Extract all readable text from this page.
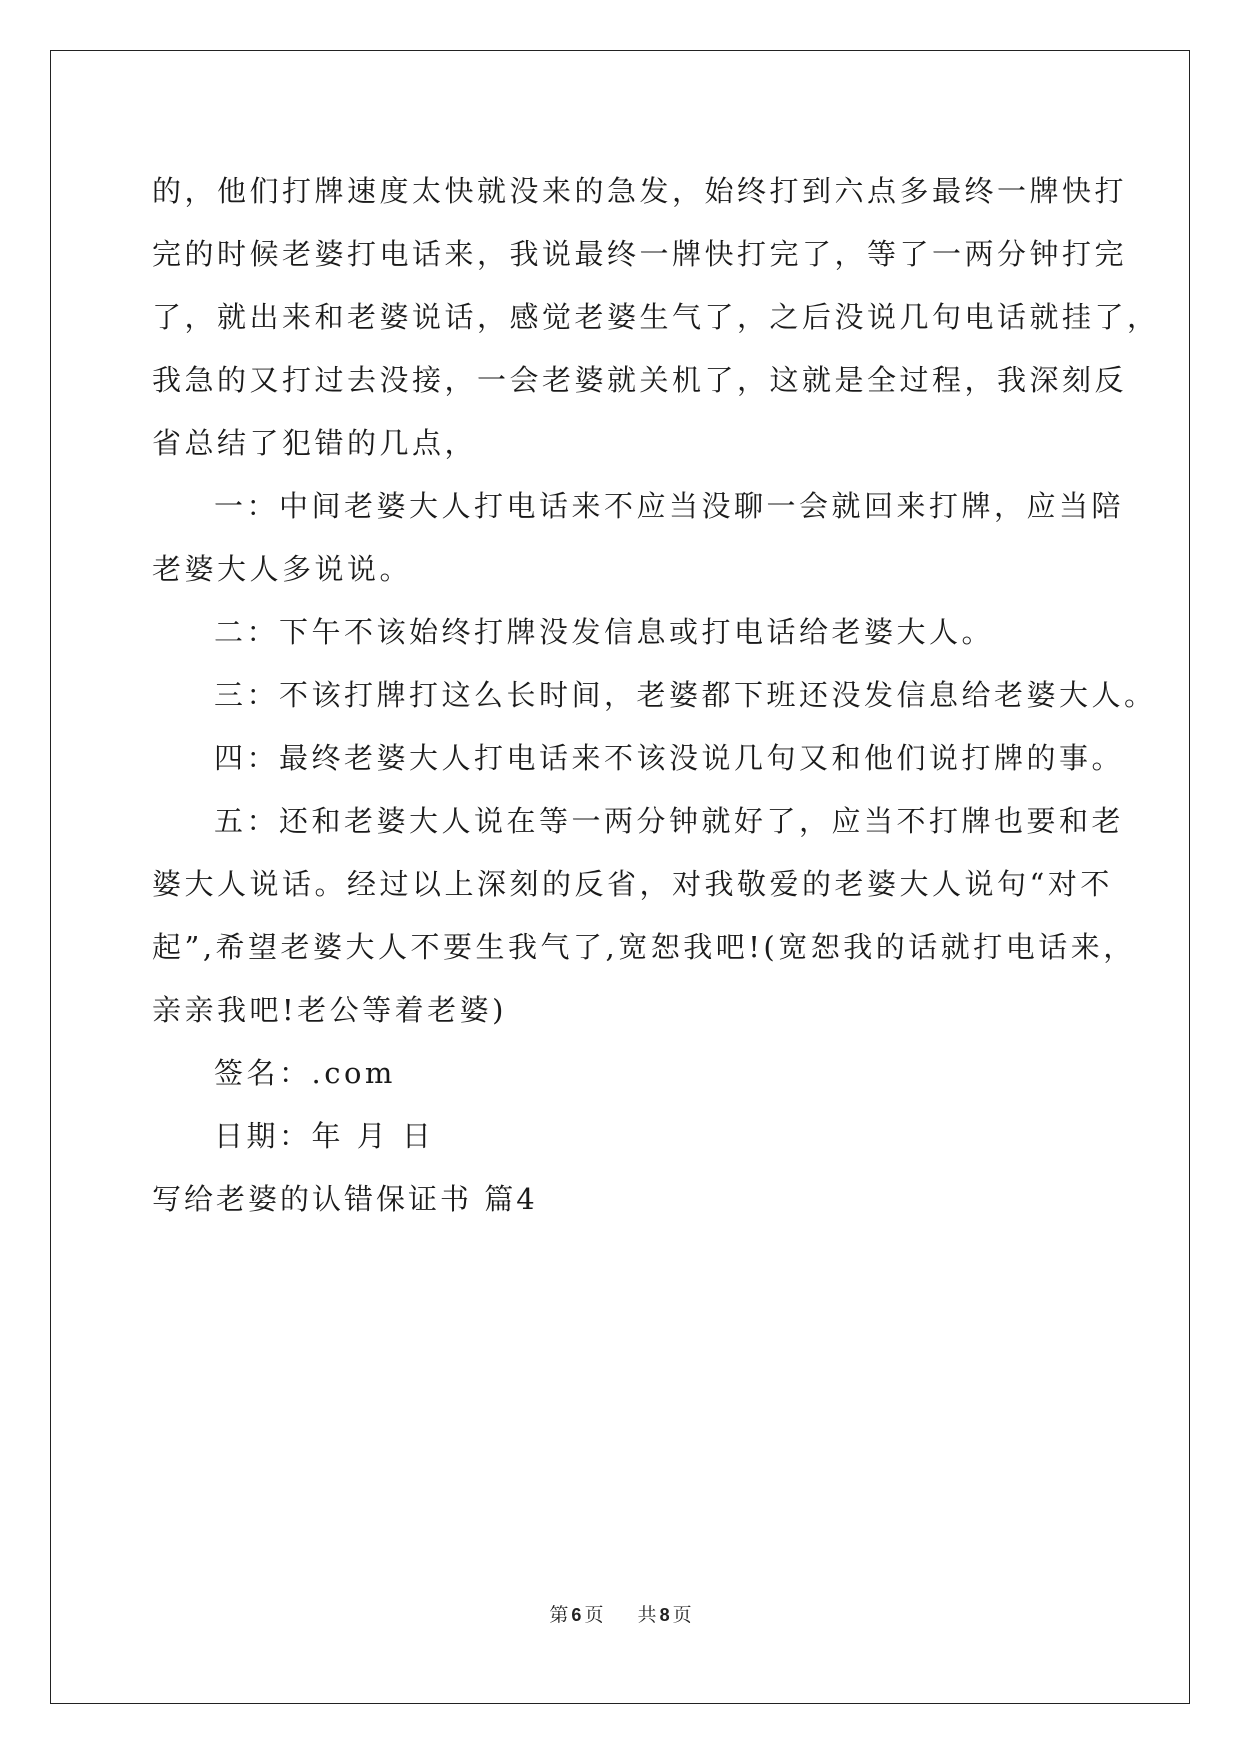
的，他们打牌速度太快就没来的急发，始终打到六点多最终一牌快打
完的时候老婆打电话来，我说最终一牌快打完了，等了一两分钟打完
了，就出来和老婆说话，感觉老婆生气了，之后没说几句电话就挂了，
我急的又打过去没接，一会老婆就关机了，这就是全过程，我深刻反
省总结了犯错的几点，
一：中间老婆大人打电话来不应当没聊一会就回来打牌，应当陪
老婆大人多说说。
二：下午不该始终打牌没发信息或打电话给老婆大人。
三：不该打牌打这么长时间，老婆都下班还没发信息给老婆大人。
四：最终老婆大人打电话来不该没说几句又和他们说打牌的事。
五：还和老婆大人说在等一两分钟就好了，应当不打牌也要和老
婆大人说话。经过以上深刻的反省，对我敬爱的老婆大人说句“对不
起”,希望老婆大人不要生我气了,宽恕我吧!(宽恕我的话就打电话来，
亲亲我吧!老公等着老婆)
签名：.com
日期：年 月 日
写给老婆的认错保证书 篇4
第 6 页 共 8 页
